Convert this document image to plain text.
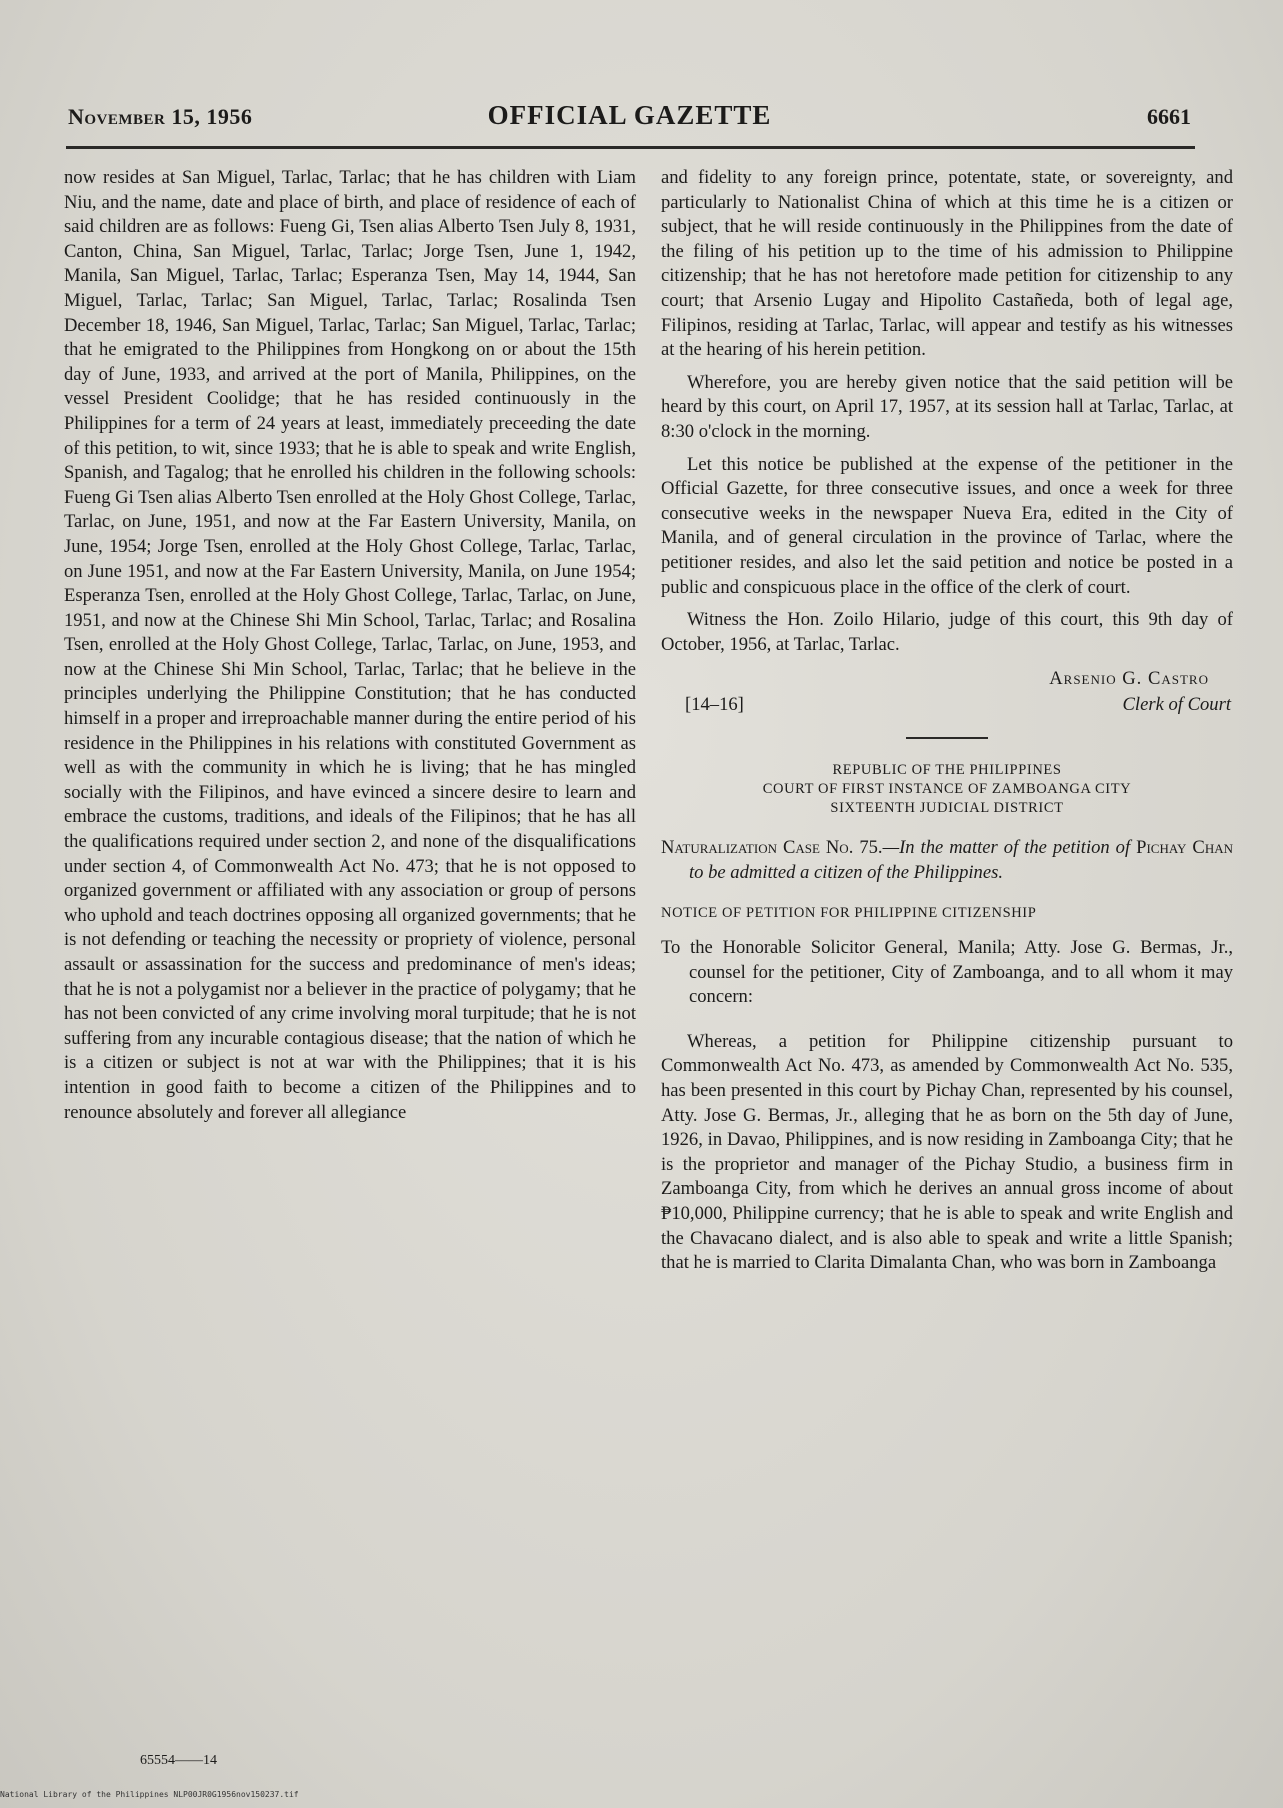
November 15, 1956	OFFICIAL GAZETTE	6661

now resides at San Miguel, Tarlac, Tarlac; that he has children with Liam Niu, and the name, date and place of birth, and place of residence of each of said children are as follows: Fueng Gi, Tsen alias Alberto Tsen July 8, 1931, Canton, China, San Miguel, Tarlac, Tarlac; Jorge Tsen, June 1, 1942, Manila, San Miguel, Tarlac, Tarlac; Esperanza Tsen, May 14, 1944, San Miguel, Tarlac, Tarlac; San Miguel, Tarlac, Tarlac; Rosalinda Tsen December 18, 1946, San Miguel, Tarlac, Tarlac; San Miguel, Tarlac, Tarlac; that he emigrated to the Philippines from Hongkong on or about the 15th day of June, 1933, and arrived at the port of Manila, Philippines, on the vessel President Coolidge; that he has resided continuously in the Philippines for a term of 24 years at least, immediately preceeding the date of this petition, to wit, since 1933; that he is able to speak and write English, Spanish, and Tagalog; that he enrolled his children in the following schools: Fueng Gi Tsen alias Alberto Tsen enrolled at the Holy Ghost College, Tarlac, Tarlac, on June, 1951, and now at the Far Eastern University, Manila, on June, 1954; Jorge Tsen, enrolled at the Holy Ghost College, Tarlac, Tarlac, on June 1951, and now at the Far Eastern University, Manila, on June 1954; Esperanza Tsen, enrolled at the Holy Ghost College, Tarlac, Tarlac, on June, 1951, and now at the Chinese Shi Min School, Tarlac, Tarlac; and Rosalina Tsen, enrolled at the Holy Ghost College, Tarlac, Tarlac, on June, 1953, and now at the Chinese Shi Min School, Tarlac, Tarlac; that he believe in the principles underlying the Philippine Constitution; that he has conducted himself in a proper and irreproachable manner during the entire period of his residence in the Philippines in his relations with constituted Government as well as with the community in which he is living; that he has mingled socially with the Filipinos, and have evinced a sincere desire to learn and embrace the customs, traditions, and ideals of the Filipinos; that he has all the qualifications required under section 2, and none of the disqualifications under section 4, of Commonwealth Act No. 473; that he is not opposed to organized government or affiliated with any association or group of persons who uphold and teach doctrines opposing all organized governments; that he is not defending or teaching the necessity or propriety of violence, personal assault or assassination for the success and predominance of men's ideas; that he is not a polygamist nor a believer in the practice of polygamy; that he has not been convicted of any crime involving moral turpitude; that he is not suffering from any incurable contagious disease; that the nation of which he is a citizen or subject is not at war with the Philippines; that it is his intention in good faith to become a citizen of the Philippines and to renounce absolutely and forever all allegiance

and fidelity to any foreign prince, potentate, state, or sovereignty, and particularly to Nationalist China of which at this time he is a citizen or subject, that he will reside continuously in the Philippines from the date of the filing of his petition up to the time of his admission to Philippine citizenship; that he has not heretofore made petition for citizenship to any court; that Arsenio Lugay and Hipolito Castañeda, both of legal age, Filipinos, residing at Tarlac, Tarlac, will appear and testify as his witnesses at the hearing of his herein petition.

Wherefore, you are hereby given notice that the said petition will be heard by this court, on April 17, 1957, at its session hall at Tarlac, Tarlac, at 8:30 o'clock in the morning.

Let this notice be published at the expense of the petitioner in the Official Gazette, for three consecutive issues, and once a week for three consecutive weeks in the newspaper Nueva Era, edited in the City of Manila, and of general circulation in the province of Tarlac, where the petitioner resides, and also let the said petition and notice be posted in a public and conspicuous place in the office of the clerk of court.

Witness the Hon. Zoilo Hilario, judge of this court, this 9th day of October, 1956, at Tarlac, Tarlac.

Arsenio G. Castro
[14–16]	Clerk of Court

REPUBLIC OF THE PHILIPPINES

COURT OF FIRST INSTANCE OF ZAMBOANGA CITY

SIXTEENTH JUDICIAL DISTRICT

Naturalization Case No. 75.—In the matter of the petition of Pichay Chan to be admitted a citizen of the Philippines.

NOTICE OF PETITION FOR PHILIPPINE CITIZENSHIP

To the Honorable Solicitor General, Manila; Atty. Jose G. Bermas, Jr., counsel for the petitioner, City of Zamboanga, and to all whom it may concern:

Whereas, a petition for Philippine citizenship pursuant to Commonwealth Act No. 473, as amended by Commonwealth Act No. 535, has been presented in this court by Pichay Chan, represented by his counsel, Atty. Jose G. Bermas, Jr., alleging that he as born on the 5th day of June, 1926, in Davao, Philippines, and is now residing in Zamboanga City; that he is the proprietor and manager of the Pichay Studio, a business firm in Zamboanga City, from which he derives an annual gross income of about ₱10,000, Philippine currency; that he is able to speak and write English and the Chavacano dialect, and is also able to speak and write a little Spanish; that he is married to Clarita Dimalanta Chan, who was born in Zamboanga

65554——14
National Library of the Philippines NLP00JR0G1956nov150237.tif
